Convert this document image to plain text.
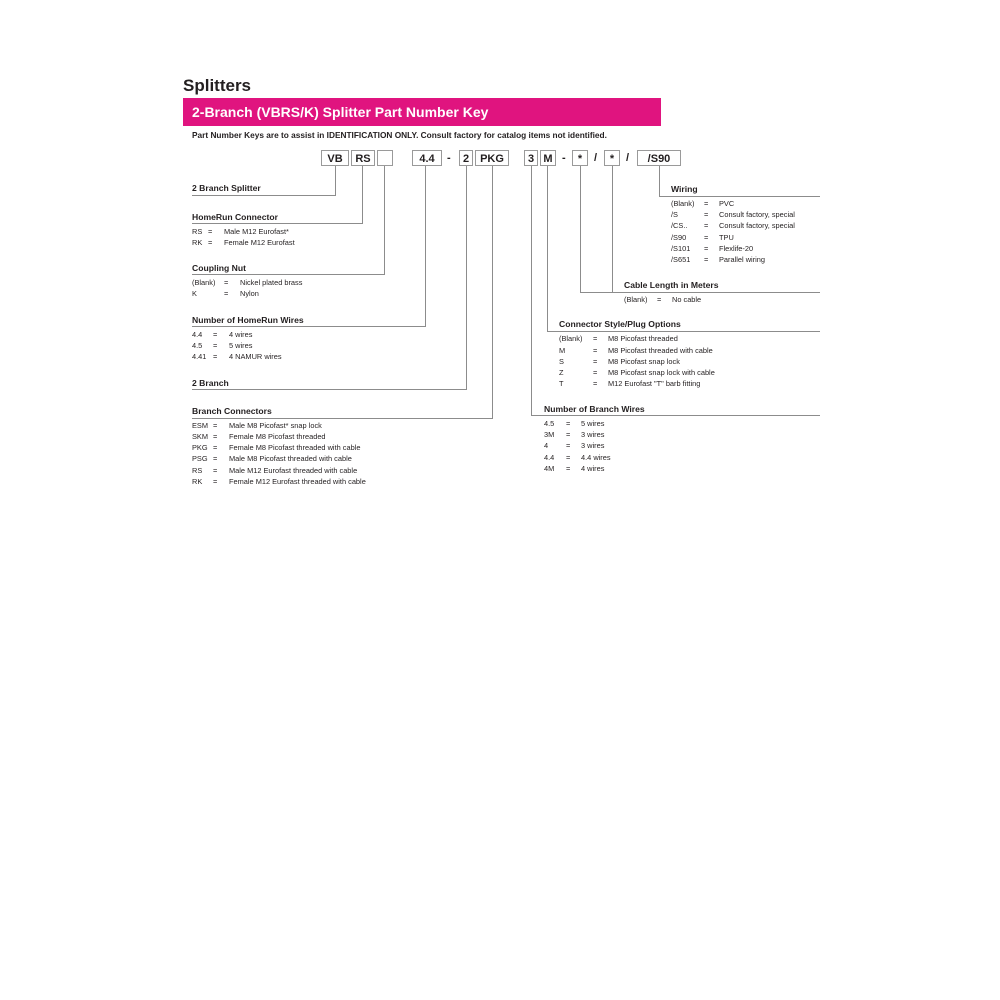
Splitters
2-Branch (VBRS/K) Splitter Part Number Key
Part Number Keys are to assist in IDENTIFICATION ONLY. Consult factory for catalog items not identified.
VB	RS	4.4	-	2	PKG	3 M -	*	/	*	/	/S90
2 Branch Splitter
HomeRun Connector
RS = Male M12 Eurofast*
RK = Female M12 Eurofast
Coupling Nut
(Blank) = Nickel plated brass
K	= Nylon
Number of HomeRun Wires
4.4 = 4 wires
4.5 = 5 wires
4.41 = 4 NAMUR wires
2 Branch
Branch Connectors
ESM = Male M8 Picofast* snap lock
SKM = Female M8 Picofast threaded
PKG = Female M8 Picofast threaded with cable
PSG = Male M8 Picofast threaded with cable
RS = Male M12 Eurofast threaded with cable
RK = Female M12 Eurofast threaded with cable
Wiring
(Blank) = PVC
/S	= Consult factory, special
/CS.. = Consult factory, special
/S90 = TPU
/S101 = Flexlife-20
/S651 = Parallel wiring
Cable Length in Meters
(Blank) = No cable
Connector Style/Plug Options
(Blank) = M8 Picofast threaded
M	= M8 Picofast threaded with cable
S	= M8 Picofast snap lock
Z	= M8 Picofast snap lock with cable
T	= M12 Eurofast "T" barb fitting
Number of Branch Wires
4.5 = 5 wires
3M = 3 wires
4 = 3 wires
4.4 = 4.4 wires
4M = 4 wires
